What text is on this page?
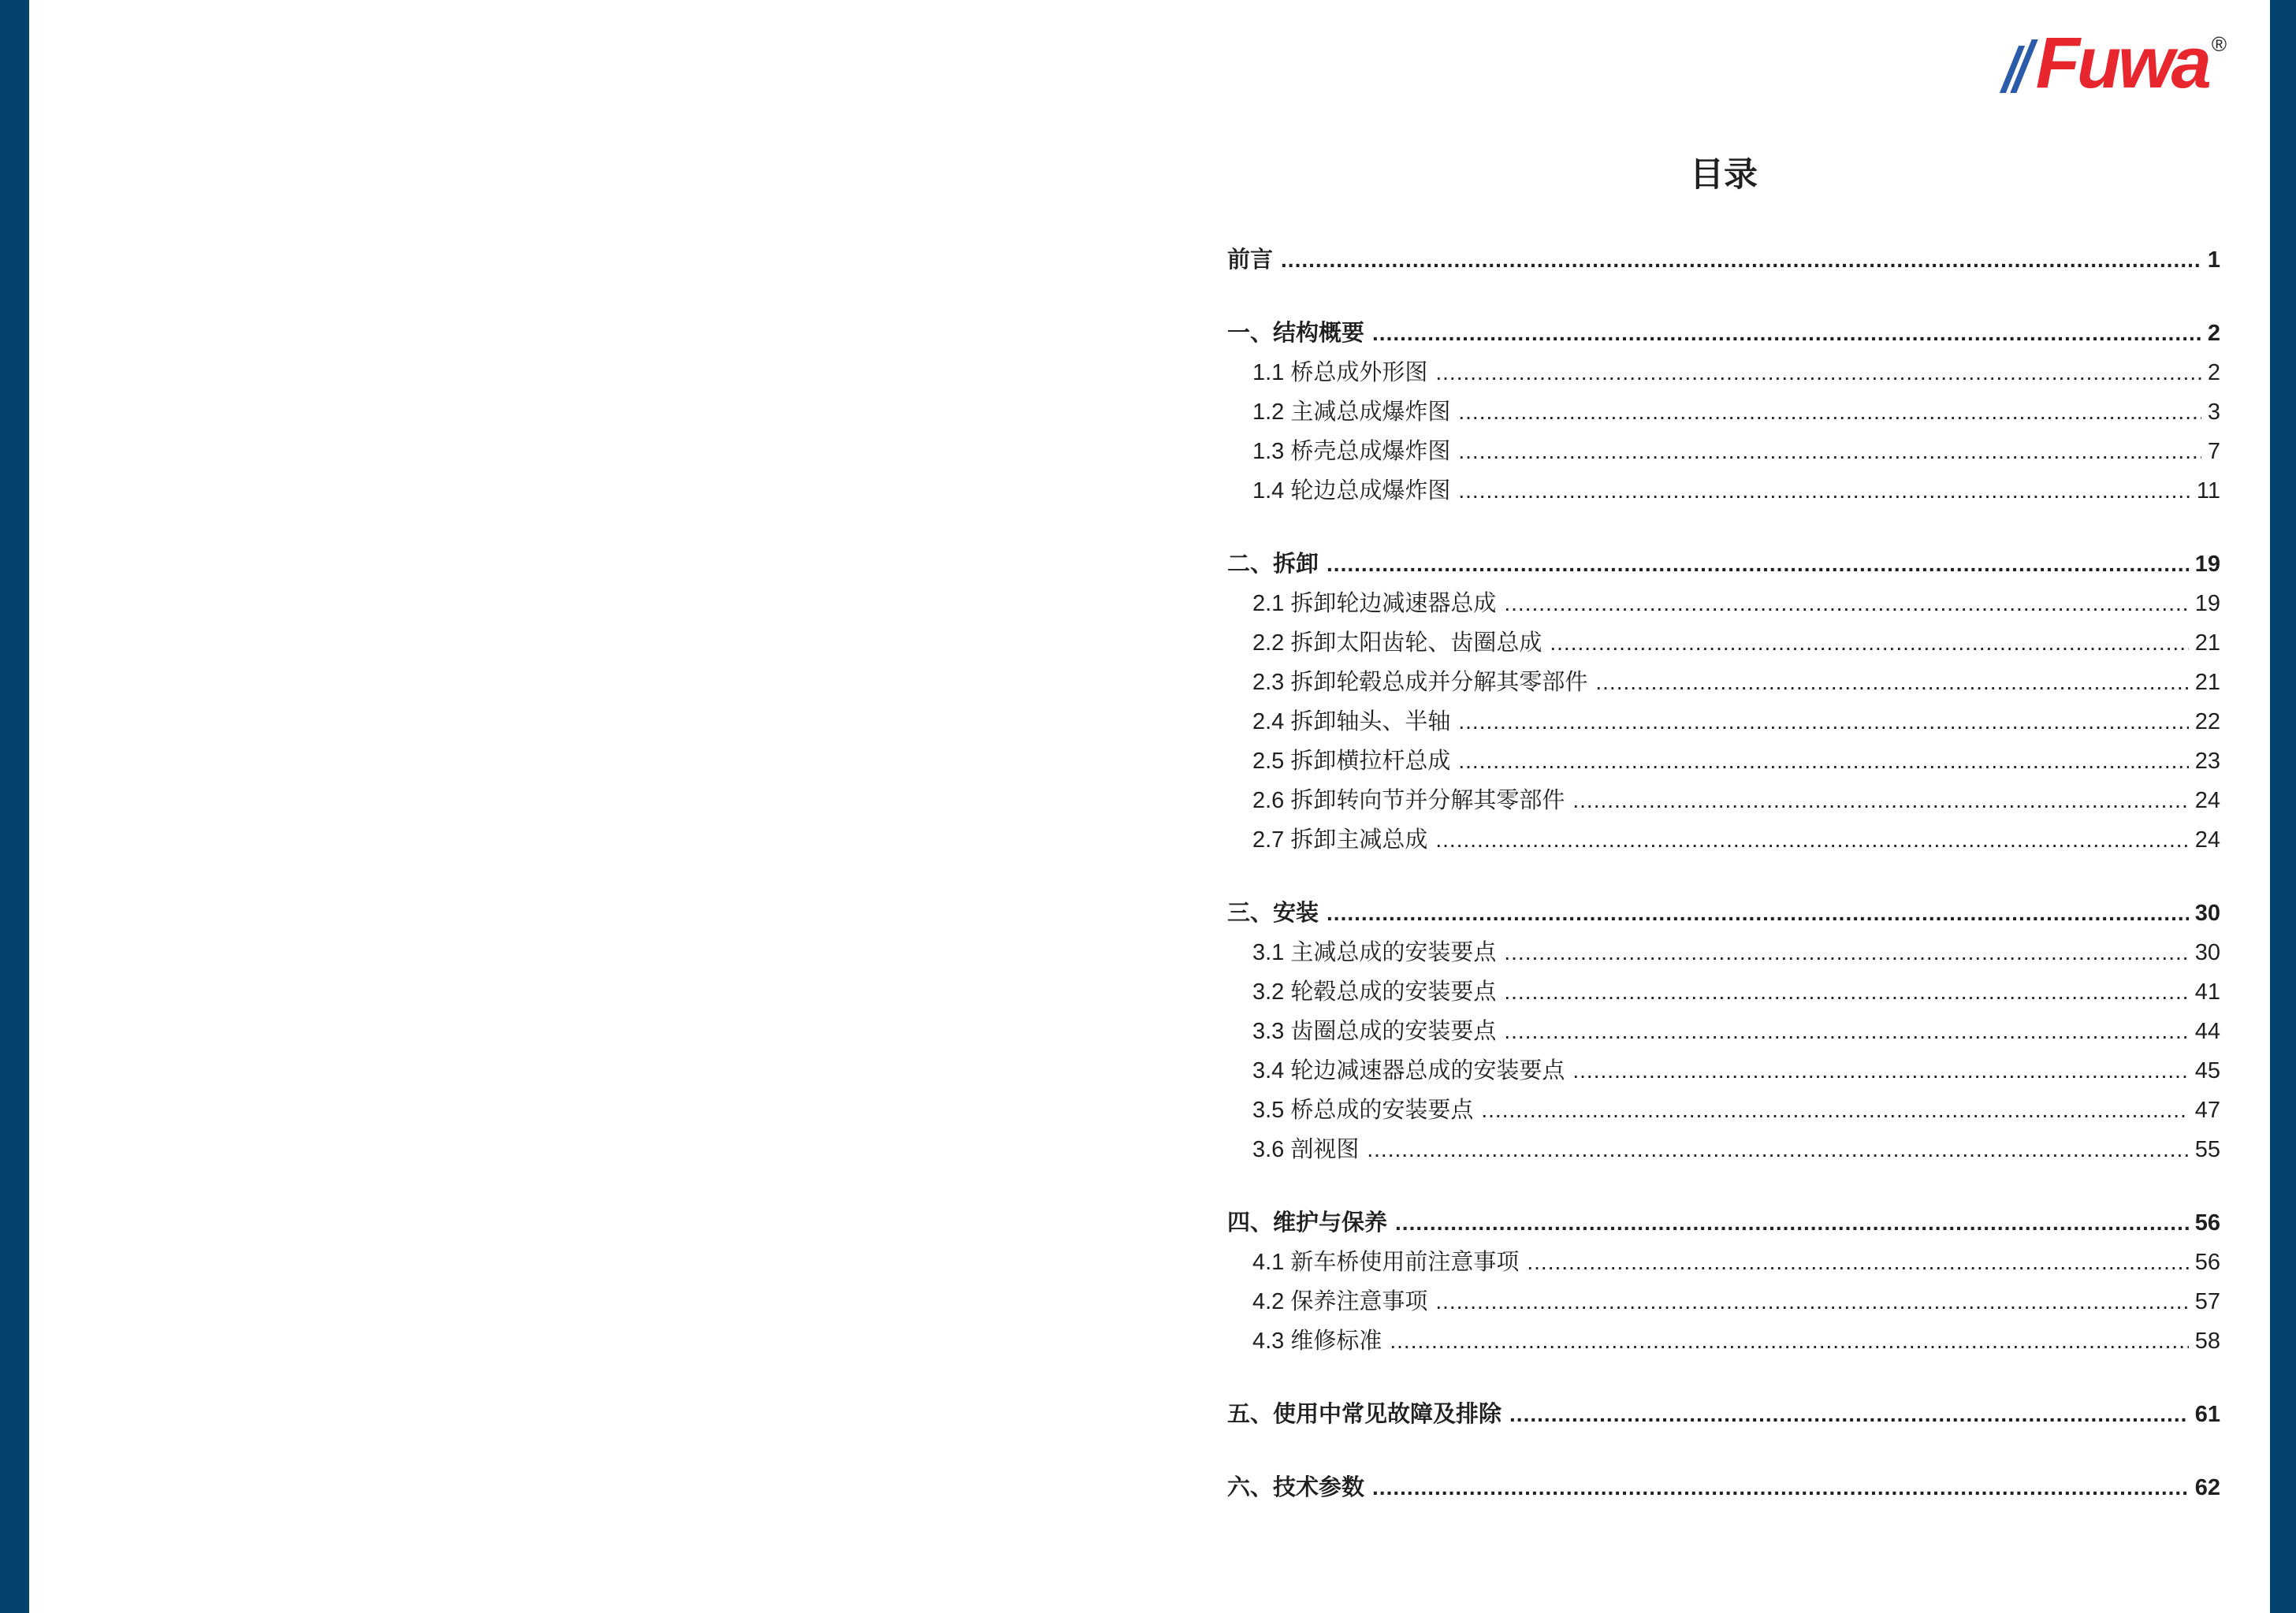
Fuwa ®
目录
前言 .....	1
一、结构概要 .....	2
1.1 桥总成外形图 .....	2
1.2 主减总成爆炸图 .....	3
1.3 桥壳总成爆炸图 .....	7
1.4 轮边总成爆炸图 .....	11
二、拆卸 .....	19
2.1 拆卸轮边减速器总成 .....	19
2.2 拆卸太阳齿轮、齿圈总成 .....	21
2.3 拆卸轮毂总成并分解其零部件 .....	21
2.4 拆卸轴头、半轴 .....	22
2.5 拆卸横拉杆总成 .....	23
2.6 拆卸转向节并分解其零部件 .....	24
2.7 拆卸主减总成 .....	24
三、安装 .....	30
3.1 主减总成的安装要点 .....	30
3.2 轮毂总成的安装要点 .....	41
3.3 齿圈总成的安装要点 .....	44
3.4 轮边减速器总成的安装要点 .....	45
3.5 桥总成的安装要点 .....	47
3.6 剖视图 .....	55
四、维护与保养 .....	56
4.1 新车桥使用前注意事项 .....	56
4.2 保养注意事项 .....	57
4.3 维修标准 .....	58
五、使用中常见故障及排除 .....	61
六、技术参数 .....	62
